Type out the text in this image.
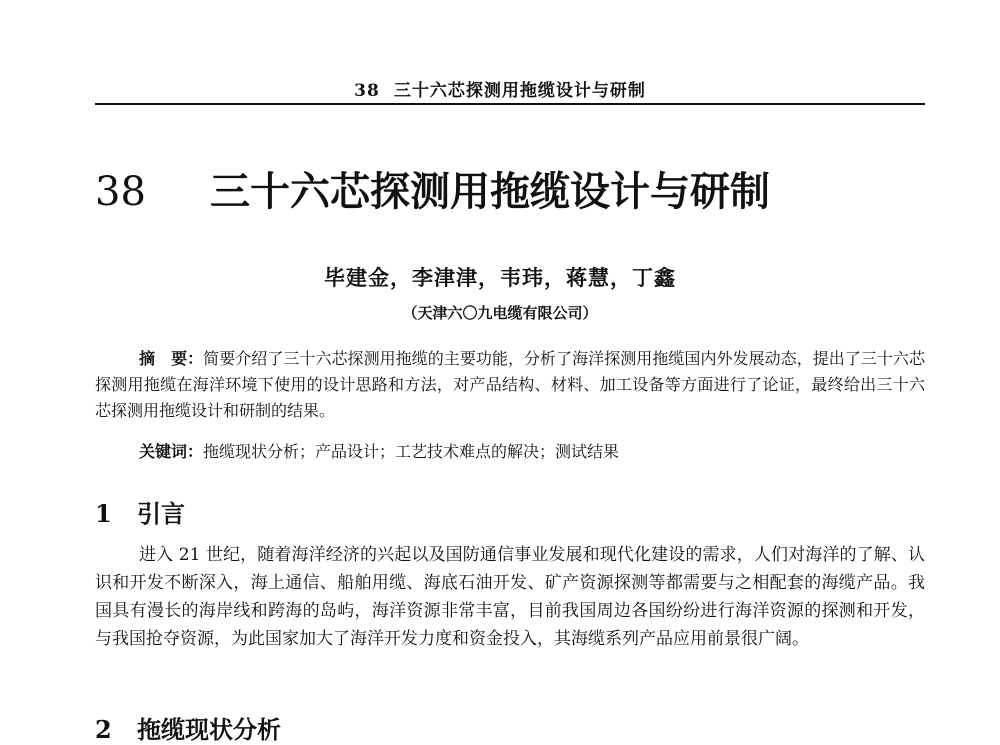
38 三十六芯探测用拖缆设计与研制
38 三十六芯探测用拖缆设计与研制
毕建金，李津津，韦玮，蒋慧，丁鑫
（天津六〇九电缆有限公司）
摘　要：简要介绍了三十六芯探测用拖缆的主要功能，分析了海洋探测用拖缆国内外发展动态，提出了三十六芯探测用拖缆在海洋环境下使用的设计思路和方法，对产品结构、材料、加工设备等方面进行了论证，最终给出三十六芯探测用拖缆设计和研制的结果。
关键词：拖缆现状分析；产品设计；工艺技术难点的解决；测试结果
1 引言
进入 21 世纪，随着海洋经济的兴起以及国防通信事业发展和现代化建设的需求，人们对海洋的了解、认识和开发不断深入，海上通信、船舶用缆、海底石油开发、矿产资源探测等都需要与之相配套的海缆产品。我国具有漫长的海岸线和跨海的岛屿，海洋资源非常丰富，目前我国周边各国纷纷进行海洋资源的探测和开发，与我国抢夺资源，为此国家加大了海洋开发力度和资金投入，其海缆系列产品应用前景很广阔。
2 拖缆现状分析
